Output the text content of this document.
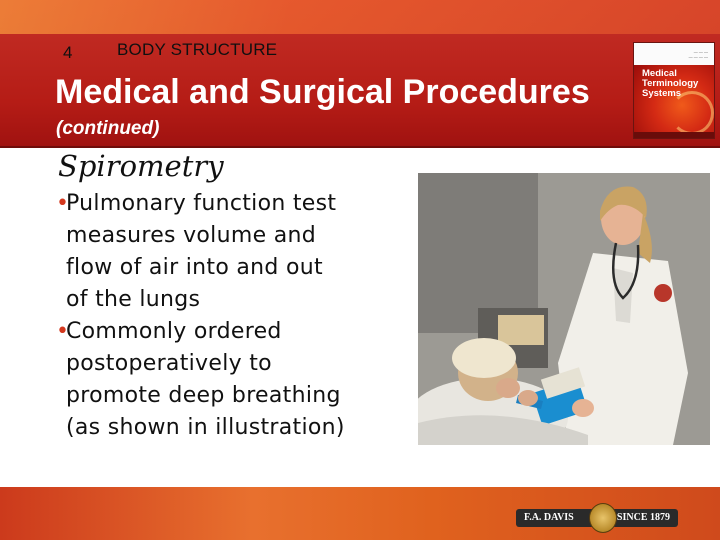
4	BODY STRUCTURE
Medical and Surgical Procedures
(continued)
— — —
— — — —
Medical
Terminology
Systems
Spirometry
•
Pulmonary function test
measures volume and
flow of air into and out
of the lungs
•
Commonly ordered
postoperatively to
promote deep breathing
(as shown in illustration)
F.A. DAVIS	SINCE 1879
43
